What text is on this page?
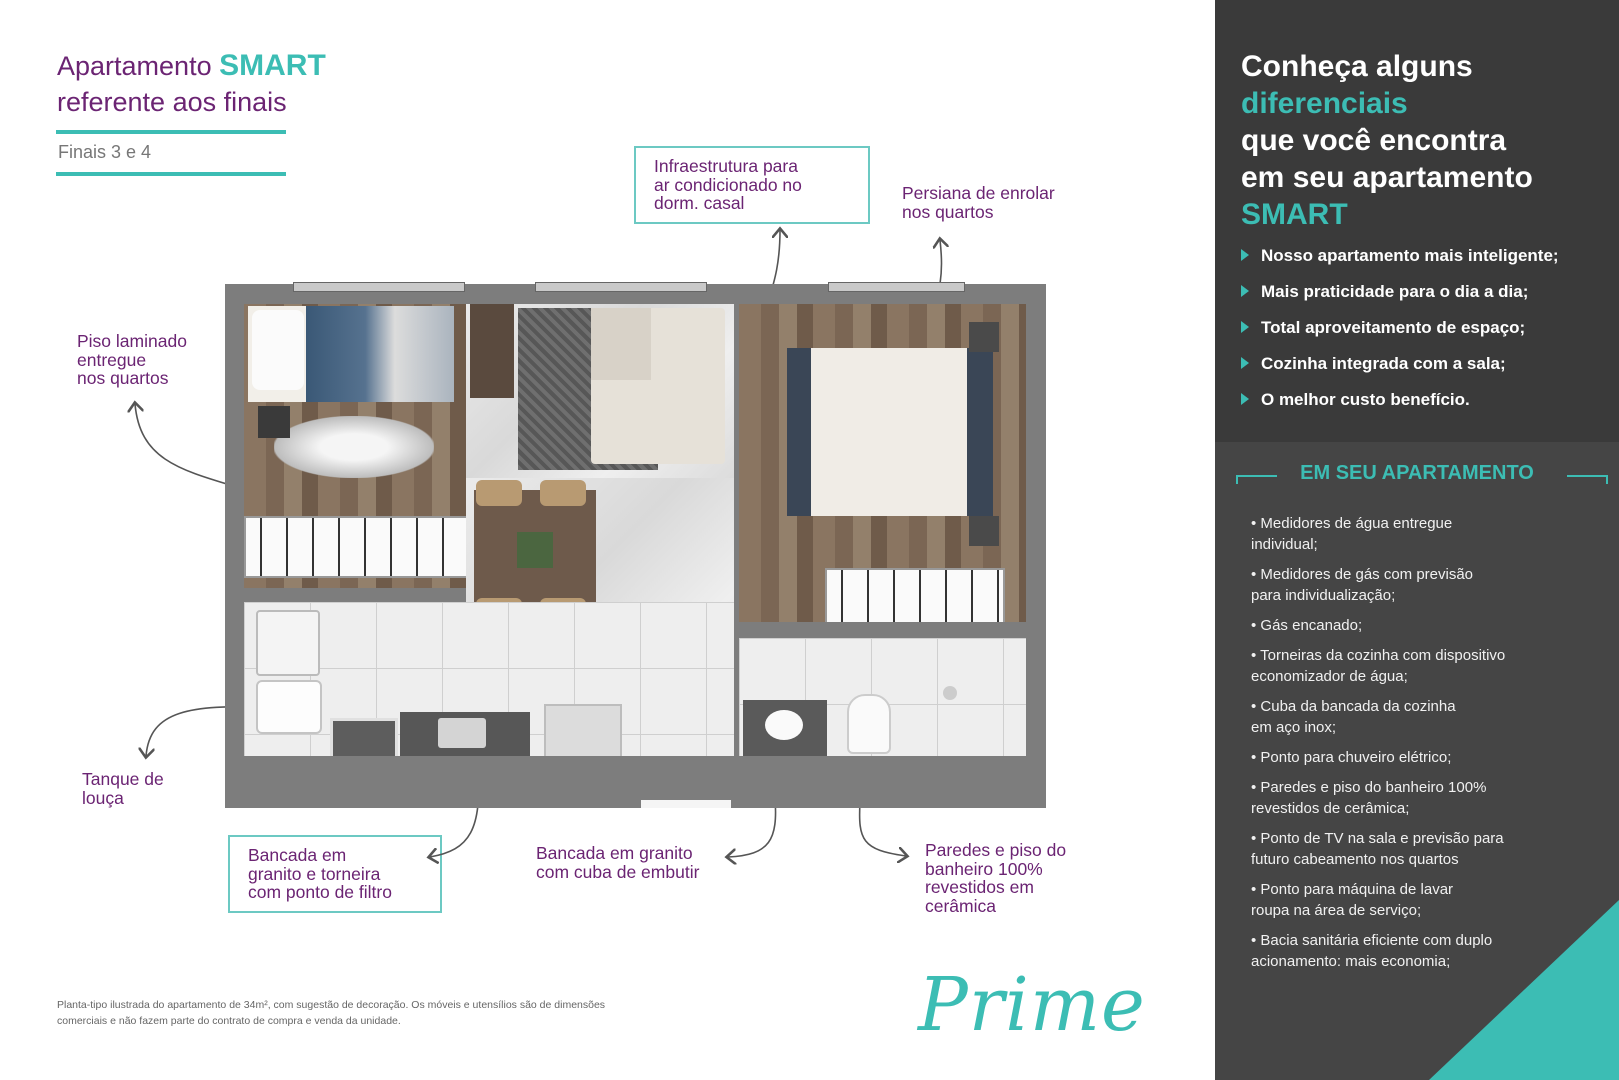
Apartamento SMART
referente aos finais
Finais 3 e 4
Piso laminado
entregue
nos quartos
Infraestrutura para
ar condicionado no
dorm. casal	Persiana de enrolar
nos quartos
Tanque de
louça
Bancada em
granito e torneira
com ponto de filtro
Bancada em granito
com cuba de embutir
Paredes e piso do
banheiro 100%
revestidos em
cerâmica
Planta-tipo ilustrada do apartamento de 34m², com sugestão de decoração. Os móveis e utensílios são de dimensões comerciais e não fazem parte do contrato de compra e venda da unidade.	Prime
Conheça alguns
diferenciais
que você encontra
em seu apartamento
SMART
Nosso apartamento mais inteligente;
Mais praticidade para o dia a dia;
Total aproveitamento de espaço;
Cozinha integrada com a sala;
O melhor custo benefício.
EM SEU APARTAMENTO
• Medidores de água entregue
individual;
• Medidores de gás com previsão
para individualização;
• Gás encanado;
• Torneiras da cozinha com dispositivo
economizador de água;
• Cuba da bancada da cozinha
em aço inox;
• Ponto para chuveiro elétrico;
• Paredes e piso do banheiro 100%
revestidos de cerâmica;
• Ponto de TV na sala e previsão para
futuro cabeamento nos quartos
• Ponto para máquina de lavar
roupa na área de serviço;
• Bacia sanitária eficiente com duplo
acionamento: mais economia;
